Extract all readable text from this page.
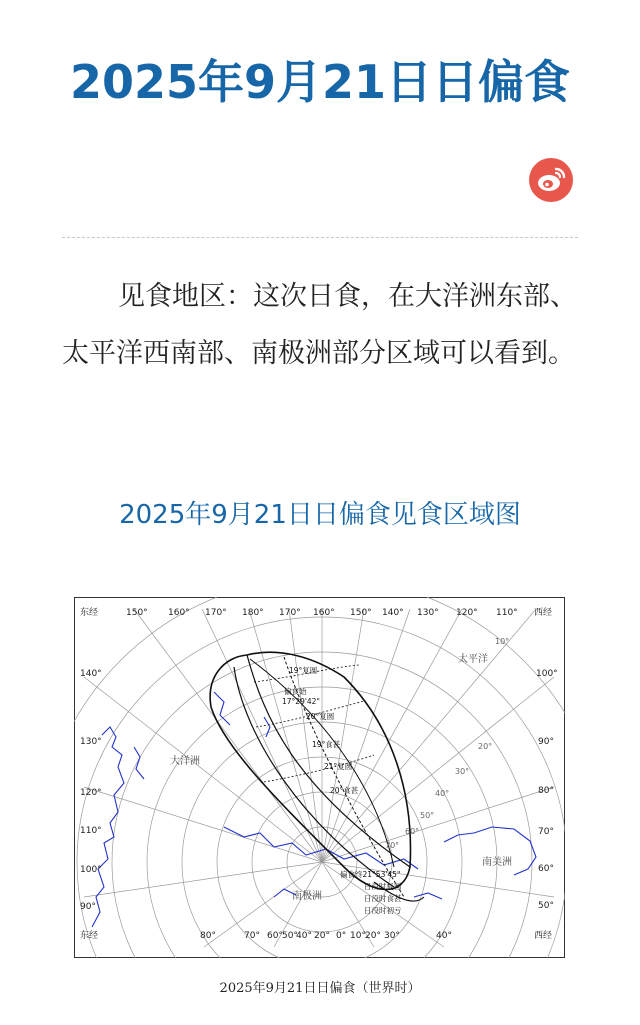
2025年9月21日日偏食
见食地区：这次日食，在大洋洲东部、太平洋西南部、南极洲部分区域可以看到。
2025年9月21日日偏食见食区域图
东经	西经
东经	西经
150° 160° 170° 180° 170° 160° 150° 140° 130° 120° 110°
140°
130°
120°
110°
100°
90°
100°
90°
80°
70°
60°
50°
80°	70° 60° 50°
40° 20° 0° 10° 20° 30°	40°
10°
20°
30°
40°
50°
60°
70°
太平洋
大洋洲
南极洲
南美洲
偏食始
17°29'42"
19°复圆
20°复圆
21°复圆
19°食甚
20°食甚
偏食终21°53'45"
日没时复圆
日没时食甚
日没时初亏
2025年9月21日日偏食（世界时）
